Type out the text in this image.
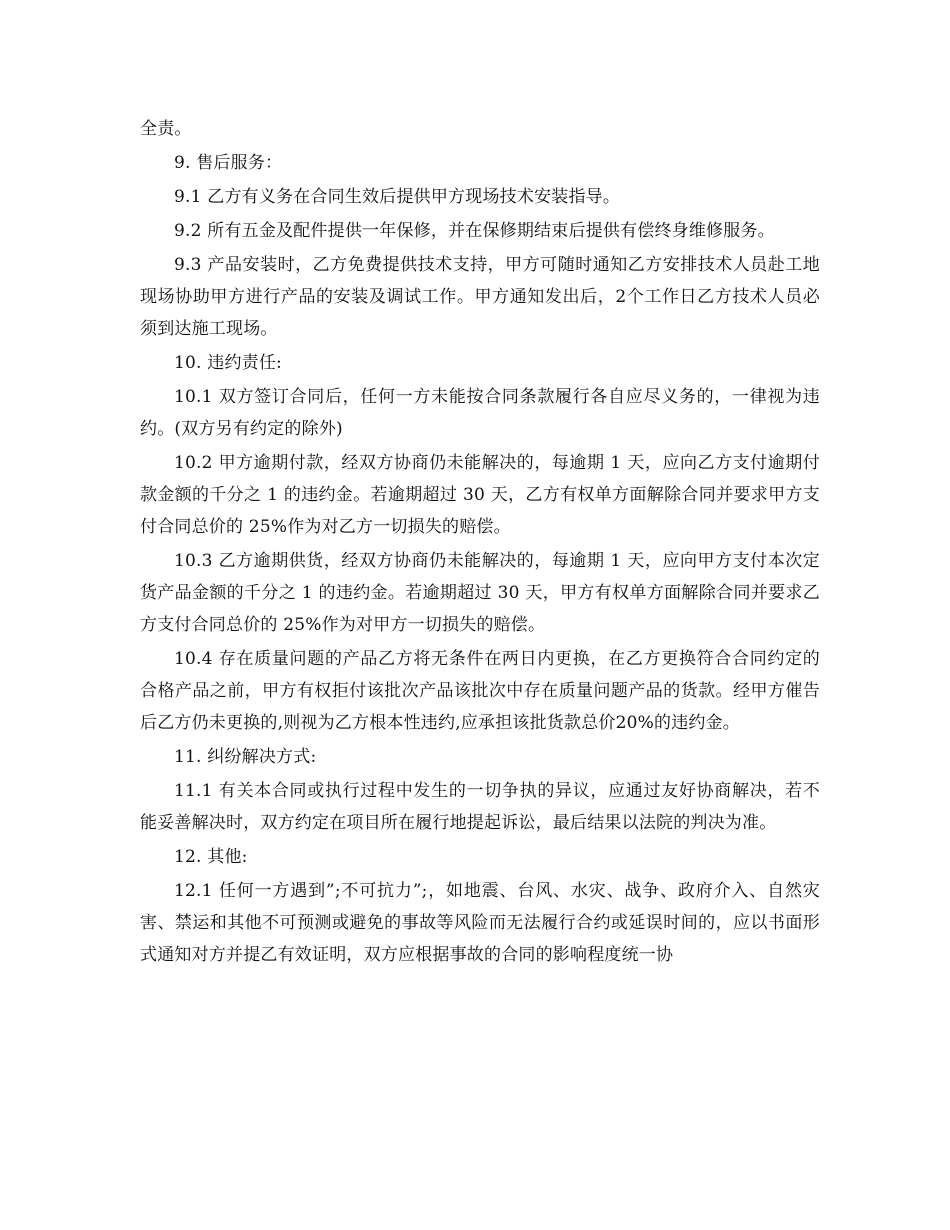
全责。

9. 售后服务：

9.1 乙方有义务在合同生效后提供甲方现场技术安装指导。

9.2 所有五金及配件提供一年保修，并在保修期结束后提供有偿终身维修服务。

9.3 产品安装时，乙方免费提供技术支持，甲方可随时通知乙方安排技术人员赴工地现场协助甲方进行产品的安装及调试工作。甲方通知发出后，2个工作日乙方技术人员必须到达施工现场。

10. 违约责任:

10.1 双方签订合同后，任何一方未能按合同条款履行各自应尽义务的，一律视为违约。(双方另有约定的除外)

10.2 甲方逾期付款，经双方协商仍未能解决的，每逾期 1 天，应向乙方支付逾期付款金额的千分之 1 的违约金。若逾期超过 30 天，乙方有权单方面解除合同并要求甲方支付合同总价的 25%作为对乙方一切损失的赔偿。

10.3 乙方逾期供货，经双方协商仍未能解决的，每逾期 1 天，应向甲方支付本次定货产品金额的千分之 1 的违约金。若逾期超过 30 天，甲方有权单方面解除合同并要求乙方支付合同总价的 25%作为对甲方一切损失的赔偿。

10.4 存在质量问题的产品乙方将无条件在两日内更换，在乙方更换符合合同约定的合格产品之前，甲方有权拒付该批次产品该批次中存在质量问题产品的货款。经甲方催告后乙方仍未更换的,则视为乙方根本性违约,应承担该批货款总价20%的违约金。

11. 纠纷解决方式:

11.1 有关本合同或执行过程中发生的一切争执的异议，应通过友好协商解决，若不能妥善解决时，双方约定在项目所在履行地提起诉讼，最后结果以法院的判决为准。

12. 其他:

12.1 任何一方遇到”;不可抗力”;，如地震、台风、水灾、战争、政府介入、自然灾害、禁运和其他不可预测或避免的事故等风险而无法履行合约或延误时间的，应以书面形式通知对方并提乙有效证明，双方应根据事故的合同的影响程度统一协
